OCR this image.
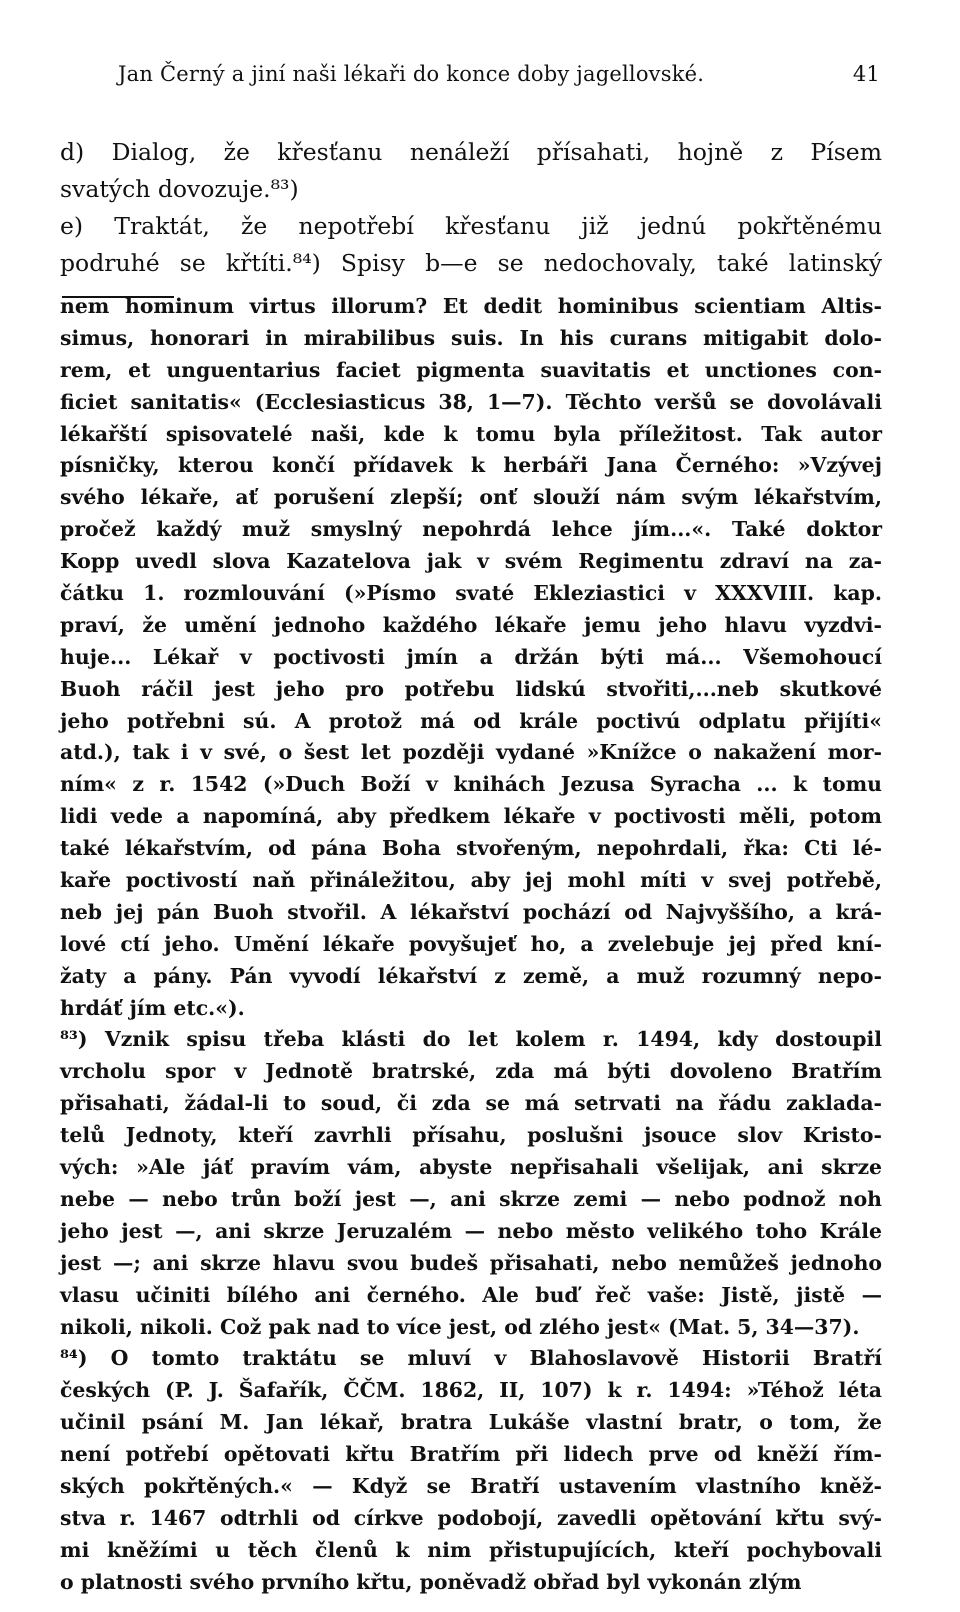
Jan Černý a jiní naši lékaři do konce doby jagellovské.	41
d) Dialog, že křesťanu nenáleží přísahati, hojně z Písem
svatých dovozuje.⁸³)
e) Traktát, že nepotřebí křesťanu již jednú pokřtěnému
podruhé se křtíti.⁸⁴) Spisy b—e se nedochovaly, také latinský
nem hominum virtus illorum? Et dedit hominibus scientiam Altis-
simus, honorari in mirabilibus suis. In his curans mitigabit dolo-
rem, et unguentarius faciet pigmenta suavitatis et unctiones con-
ficiet sanitatis« (Ecclesiasticus 38, 1—7). Těchto veršů se dovolávali
lékařští spisovatelé naši, kde k tomu byla příležitost. Tak autor
písničky, kterou končí přídavek k herbáři Jana Černého: »Vzývej
svého lékaře, ať porušení zlepší; onť slouží nám svým lékařstvím,
pročež každý muž smyslný nepohrdá lehce jím...«. Také doktor
Kopp uvedl slova Kazatelova jak v svém Regimentu zdraví na za-
čátku 1. rozmlouvání (»Písmo svaté Ekleziastici v XXXVIII. kap.
praví, že umění jednoho každého lékaře jemu jeho hlavu vyzdvi-
huje... Lékař v poctivosti jmín a držán býti má... Všemohoucí
Buoh ráčil jest jeho pro potřebu lidskú stvořiti,...neb skutkové
jeho potřebni sú. A protož má od krále poctivú odplatu přijíti«
atd.), tak i v své, o šest let později vydané »Knížce o nakažení mor-
ním« z r. 1542 (»Duch Boží v knihách Jezusa Syracha ... k tomu
lidi vede a napomíná, aby předkem lékaře v poctivosti měli, potom
také lékařstvím, od pána Boha stvořeným, nepohrdali, řka: Cti lé-
kaře poctivostí naň přináležitou, aby jej mohl míti v svej potřebě,
neb jej pán Buoh stvořil. A lékařství pochází od Najvyššího, a krá-
lové ctí jeho. Umění lékaře povyšujeť ho, a zvelebuje jej před kní-
žaty a pány. Pán vyvodí lékařství z země, a muž rozumný nepo-
hrdáť jím etc.«).
⁸³) Vznik spisu třeba klásti do let kolem r. 1494, kdy dostoupil
vrcholu spor v Jednotě bratrské, zda má býti dovoleno Bratřím
přisahati, žádal-li to soud, či zda se má setrvati na řádu zaklada-
telů Jednoty, kteří zavrhli přísahu, poslušni jsouce slov Kristo-
vých: »Ale jáť pravím vám, abyste nepřisahali všelijak, ani skrze
nebe — nebo trůn boží jest —, ani skrze zemi — nebo podnož noh
jeho jest —, ani skrze Jeruzalém — nebo město velikého toho Krále
jest —; ani skrze hlavu svou budeš přisahati, nebo nemůžeš jednoho
vlasu učiniti bílého ani černého. Ale buď řeč vaše: Jistě, jistě —
nikoli, nikoli. Což pak nad to více jest, od zlého jest« (Mat. 5, 34—37).
⁸⁴) O tomto traktátu se mluví v Blahoslavově Historii Bratří
českých (P. J. Šafařík, ČČM. 1862, II, 107) k r. 1494: »Téhož léta
učinil psání M. Jan lékař, bratra Lukáše vlastní bratr, o tom, že
není potřebí opětovati křtu Bratřím při lidech prve od kněží řím-
ských pokřtěných.« — Když se Bratří ustavením vlastního kněž-
stva r. 1467 odtrhli od církve podobojí, zavedli opětování křtu svý-
mi kněžími u těch členů k nim přistupujících, kteří pochybovali
o platnosti svého prvního křtu, poněvadž obřad byl vykonán zlým
